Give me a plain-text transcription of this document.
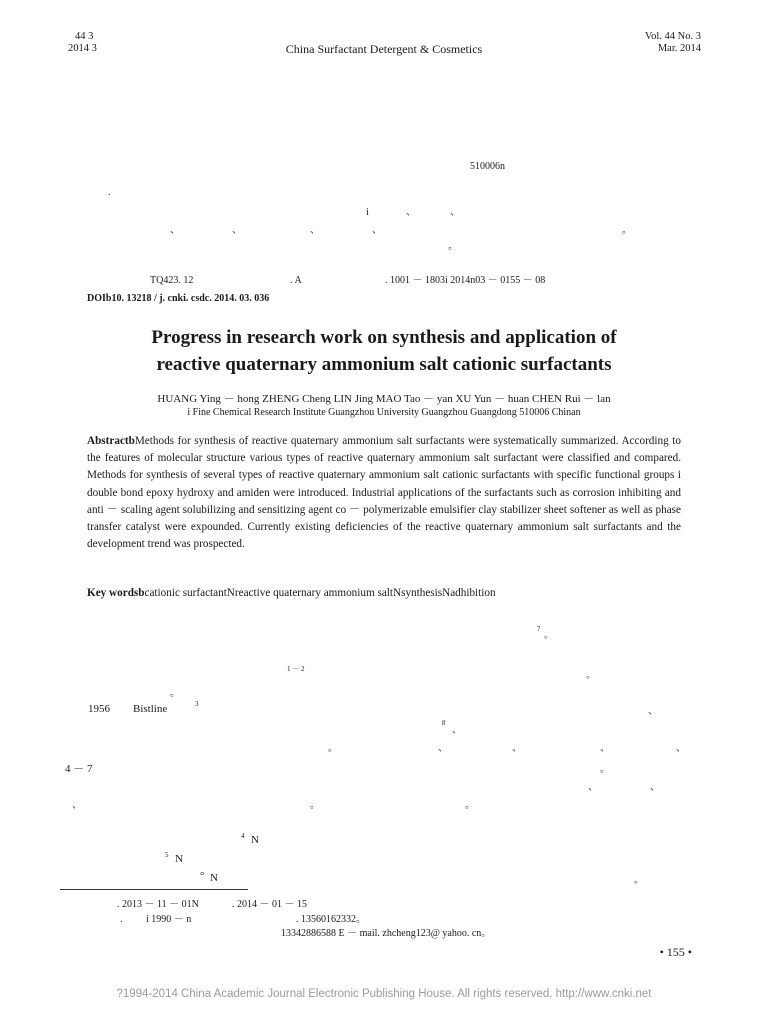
44 3
2014 3	China Surfactant Detergent & Cosmetics
Vol. 44 No. 3
Mar. 2014
510006n
.
i	、	、
、	、	、	、	。
。
TQ423. 12	. A	. 1001 － 1803i 2014n03 － 0155 － 08
DOIb10. 13218 / j. cnki. csdc. 2014. 03. 036
Progress in research work on synthesis and application of
reactive quaternary ammonium salt cationic surfactants
HUANG Ying － hong ZHENG Cheng LIN Jing MAO Tao － yan XU Yun － huan CHEN Rui － lan
i Fine Chemical Research Institute Guangzhou University Guangzhou Guangdong 510006 Chinan
AbstractbMethods for synthesis of reactive quaternary ammonium salt surfactants were systematically summarized. According to the features of molecular structure various types of reactive quaternary ammonium salt surfactant were classified and compared. Methods for synthesis of several types of reactive quaternary ammonium salt cationic surfactants with specific functional groups i double bond epoxy hydroxy and amiden were introduced. Industrial applications of the surfactants such as corrosion inhibiting and anti － scaling agent solubilizing and sensitizing agent co － polymerizable emulsifier clay stabilizer sheet softener as well as phase transfer catalyst were expounded. Currently existing deficiencies of the reactive quaternary ammonium salt surfactants and the development trend was prospected.
Key wordsbcationic surfactantNreactive quaternary ammonium saltNsynthesisNadhibition
7
。
1 － 2
。
。
1956 Bistline	3
、
8
、
。	、	、	、	、
4 － 7	。
、	、
、	。	。
4 N
5 N
° N	。
. 2013 － 11 － 01N	. 2014 － 01 － 15
. i 1990 － n	. 13560162332。
13342886588 E － mail. zhcheng123@ yahoo. cn。
• 155 •
?1994-2014 China Academic Journal Electronic Publishing House. All rights reserved. http://www.cnki.net
